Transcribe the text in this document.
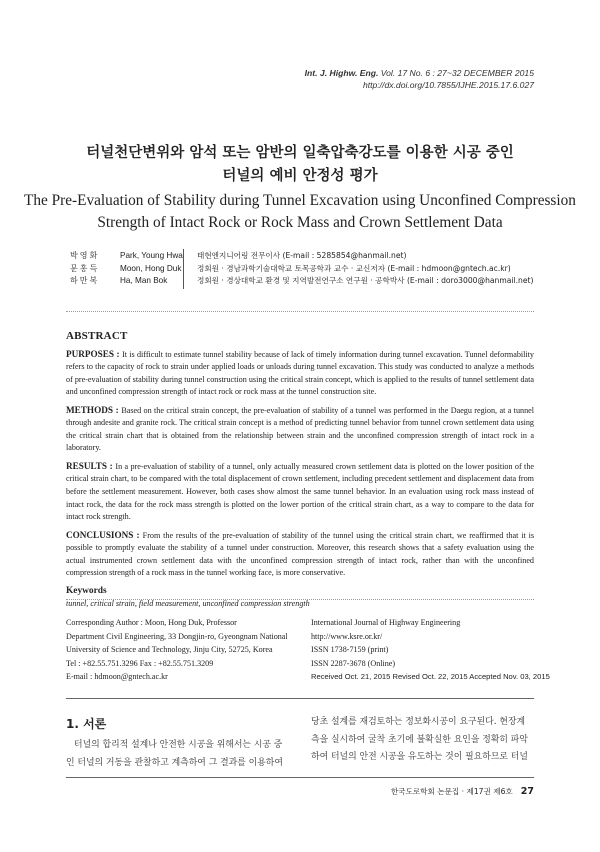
Int. J. Highw. Eng. Vol. 17 No. 6 : 27~32 DECEMBER 2015
http://dx.doi.org/10.7855/IJHE.2015.17.6.027
터널천단변위와 암석 또는 암반의 일축압축강도를 이용한 시공 중인
터널의 예비 안정성 평가
The Pre-Evaluation of Stability during Tunnel Excavation using Unconfined Compression
Strength of Intact Rock or Rock Mass and Crown Settlement Data
박영화	Park, Young Hwa	태현엔지니어링 전무이사 (E-mail : 5285854@hanmail.net)
문홍득	Moon, Hong Duk	정회원 · 경남과학기술대학교 토목공학과 교수 · 교신저자 (E-mail : hdmoon@gntech.ac.kr)
하만복	Ha, Man Bok	정회원 · 경상대학교 환경 및 지역발전연구소 연구원 · 공학박사 (E-mail : doro3000@hanmail.net)
ABSTRACT

PURPOSES : It is difficult to estimate tunnel stability because of lack of timely information during tunnel excavation. Tunnel deformability refers to the capacity of rock to strain under applied loads or unloads during tunnel excavation. This study was conducted to analyze a methods of pre-evaluation of stability during tunnel construction using the critical strain concept, which is applied to the results of tunnel settlement data and unconfined compression strength of intact rock or rock mass at the tunnel construction site.

METHODS : Based on the critical strain concept, the pre-evaluation of stability of a tunnel was performed in the Daegu region, at a tunnel through andesite and granite rock. The critical strain concept is a method of predicting tunnel behavior from tunnel crown settlement data using the critical strain chart that is obtained from the relationship between strain and the unconfined compression strength of intact rock in a laboratory.

RESULTS : In a pre-evaluation of stability of a tunnel, only actually measured crown settlement data is plotted on the lower position of the critical strain chart, to be compared with the total displacement of crown settlement, including precedent settlement and displacement data from before the settlement measurement. However, both cases show almost the same tunnel behavior. In an evaluation using rock mass instead of intact rock, the data for the rock mass strength is plotted on the lower portion of the critical strain chart, as a way to compare to the data for intact rock strength.

CONCLUSIONS : From the results of the pre-evaluation of stability of the tunnel using the critical strain chart, we reaffirmed that it is possible to promptly evaluate the stability of a tunnel under construction. Moreover, this research shows that a safety evaluation using the actual instrumented crown settlement data with the unconfined compression strength of intact rock, rather than with the unconfined compression strength of a rock mass in the tunnel working face, is more conservative.

Keywords
tunnel, critical strain, field measurement, unconfined compression strength
Corresponding Author : Moon, Hong Duk, Professor
Department Civil Engineering, 33 Dongjin-ro, Gyeongnam National
University of Science and Technology, Jinju City, 52725, Korea
Tel : +82.55.751.3296 Fax : +82.55.751.3209
E-mail : hdmoon@gntech.ac.kr
International Journal of Highway Engineering
http://www.ksre.or.kr/
ISSN 1738-7159 (print)
ISSN 2287-3678 (Online)
Received Oct. 21, 2015 Revised Oct. 22, 2015 Accepted Nov. 03, 2015
1. 서론
터널의 합리적 설계나 안전한 시공을 위해서는 시공 중
인 터널의 거동을 관찰하고 계측하여 그 결과를 이용하여
당초 설계를 재검토하는 정보화시공이 요구된다. 현장계
측을 실시하여 굴착 초기에 불확실한 요인을 정확히 파악
하여 터널의 안전 시공을 유도하는 것이 필요하므로 터널
한국도로학회 논문집 · 제17권 제6호 27
